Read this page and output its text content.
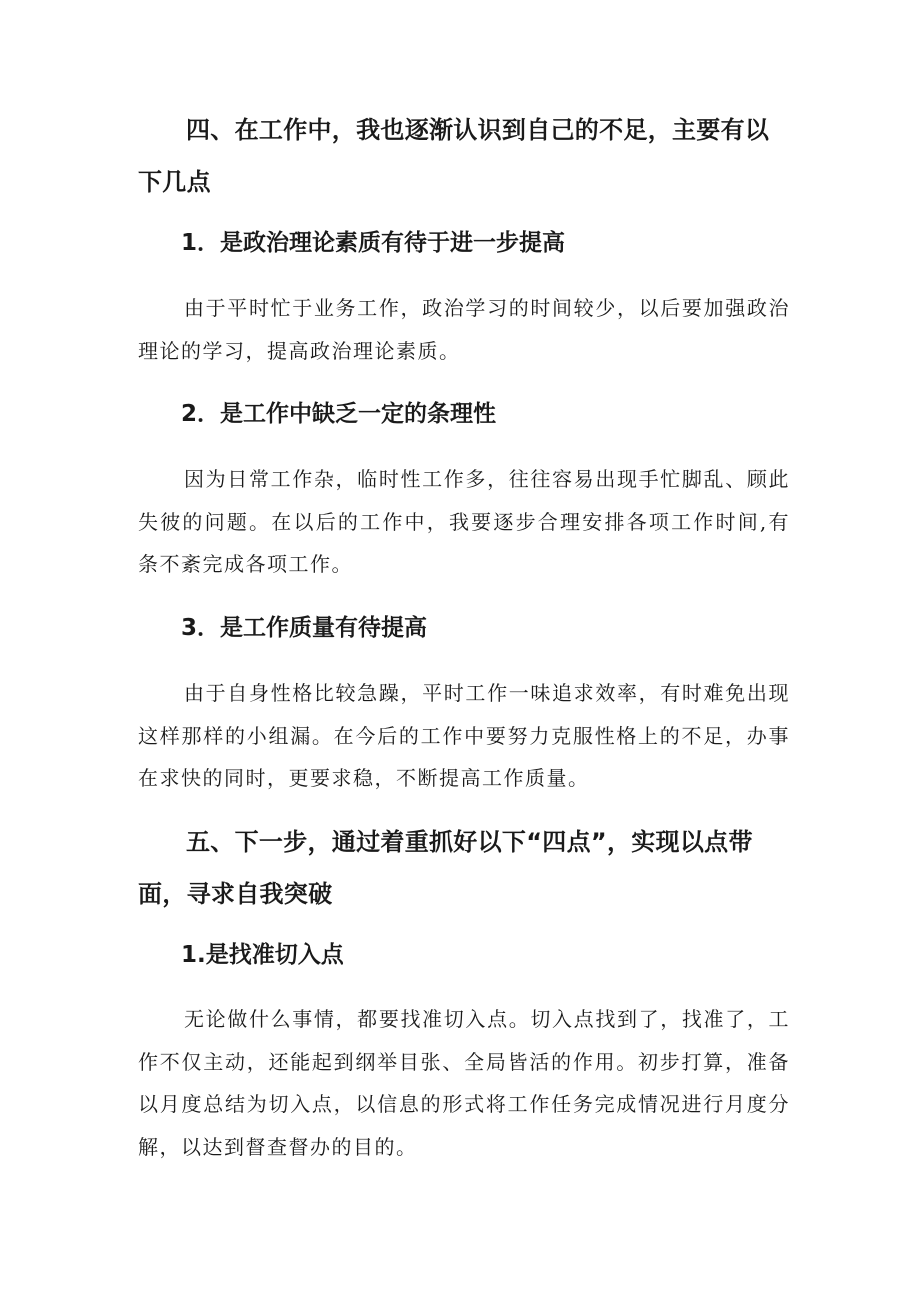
四、在工作中，我也逐渐认识到自己的不足，主要有以下几点

1．是政治理论素质有待于进一步提高

由于平时忙于业务工作，政治学习的时间较少，以后要加强政治理论的学习，提高政治理论素质。

2．是工作中缺乏一定的条理性

因为日常工作杂，临时性工作多，往往容易出现手忙脚乱、顾此失彼的问题。在以后的工作中，我要逐步合理安排各项工作时间,有条不紊完成各项工作。

3．是工作质量有待提高

由于自身性格比较急躁，平时工作一味追求效率，有时难免出现这样那样的小组漏。在今后的工作中要努力克服性格上的不足，办事在求快的同时，更要求稳，不断提高工作质量。

五、下一步，通过着重抓好以下“四点”，实现以点带面，寻求自我突破

1.是找准切入点

无论做什么事情，都要找准切入点。切入点找到了，找准了，工作不仅主动，还能起到纲举目张、全局皆活的作用。初步打算，准备以月度总结为切入点，以信息的形式将工作任务完成情况进行月度分解，以达到督查督办的目的。
